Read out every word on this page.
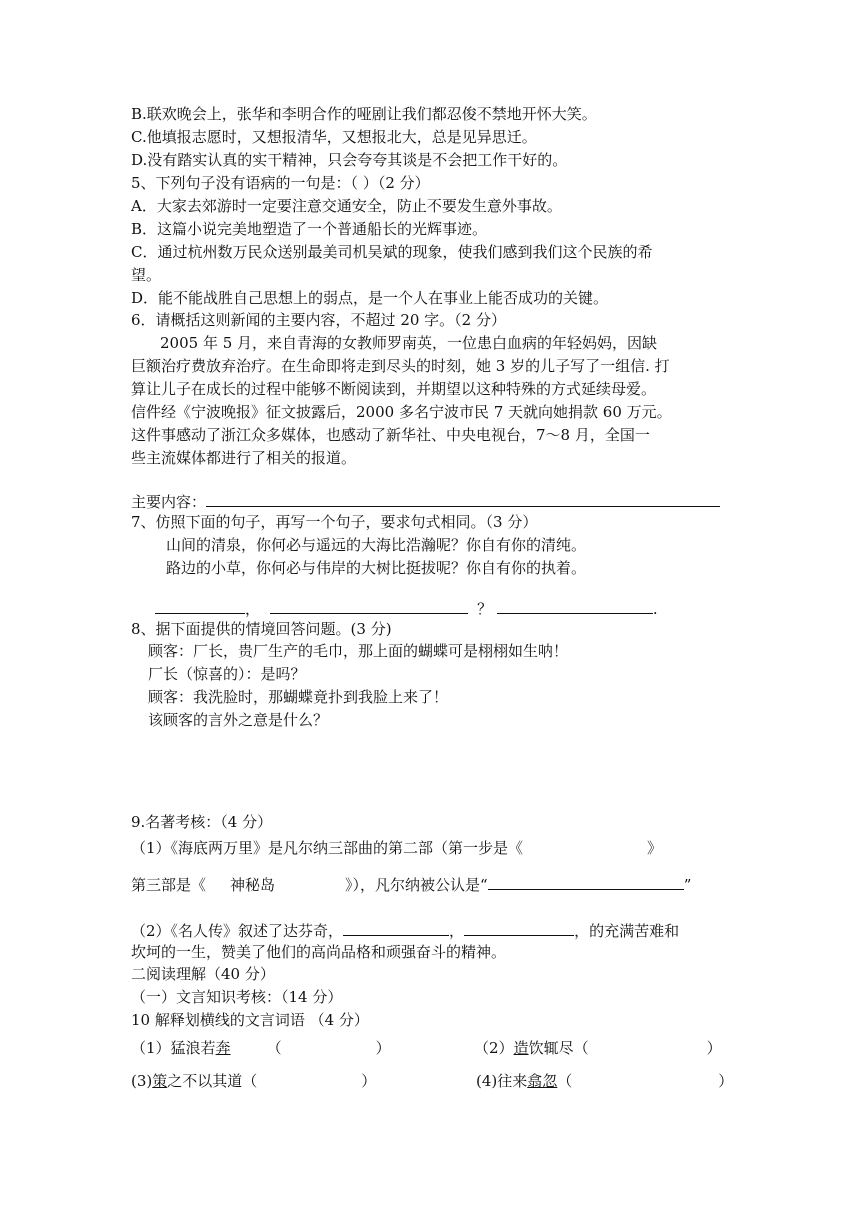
B.联欢晚会上，张华和李明合作的哑剧让我们都忍俊不禁地开怀大笑。
C.他填报志愿时，又想报清华，又想报北大，总是见异思迁。
D.没有踏实认真的实干精神，只会夸夸其谈是不会把工作干好的。
5、下列句子没有语病的一句是：（ ）（2 分）
A．大家去郊游时一定要注意交通安全，防止不要发生意外事故。
B．这篇小说完美地塑造了一个普通船长的光辉事迹。
C．通过杭州数万民众送别最美司机吴斌的现象，使我们感到我们这个民族的希
望。
D．能不能战胜自己思想上的弱点，是一个人在事业上能否成功的关键。
6．请概括这则新闻的主要内容，不超过 20 字。（2 分）
2005 年 5 月，来自青海的女教师罗南英，一位患白血病的年轻妈妈，因缺
巨额治疗费放弃治疗。在生命即将走到尽头的时刻，她 3 岁的儿子写了一组信. 打
算让儿子在成长的过程中能够不断阅读到，并期望以这种特殊的方式延续母爱。
信件经《宁波晚报》征文披露后，2000 多名宁波市民 7 天就向她捐款 60 万元。
这件事感动了浙江众多媒体，也感动了新华社、中央电视台，7～8 月，全国一
些主流媒体都进行了相关的报道。
主要内容：
7、仿照下面的句子，再写一个句子，要求句式相同。（3 分）
山间的清泉，你何必与遥远的大海比浩瀚呢？你自有你的清纯。
路边的小草，你何必与伟岸的大树比挺拔呢？你自有你的执着。
，	？	.
8、据下面提供的情境回答问题。(3 分)
顾客：厂长，贵厂生产的毛巾，那上面的蝴蝶可是栩栩如生呐！
厂长（惊喜的）：是吗？
顾客：我洗脸时，那蝴蝶竟扑到我脸上来了！
该顾客的言外之意是什么？
9.名著考核：（4 分）
（1）《海底两万里》是凡尔纳三部曲的第二部（第一步是《	》
第三部是《 神秘岛	》），凡尔纳被公认是“	”
（2）《名人传》叙述了达芬奇，	，	，的充满苦难和
坎坷的一生，赞美了他们的高尚品格和顽强奋斗的精神。
二阅读理解（40 分）
（一）文言知识考核：（14 分）
10 解释划横线的文言词语 （4 分）
（1）猛浪若奔 （	）	（2）造饮辄尽（	）
(3)策之不以其道（	）	(4)往来翕忽（	）
